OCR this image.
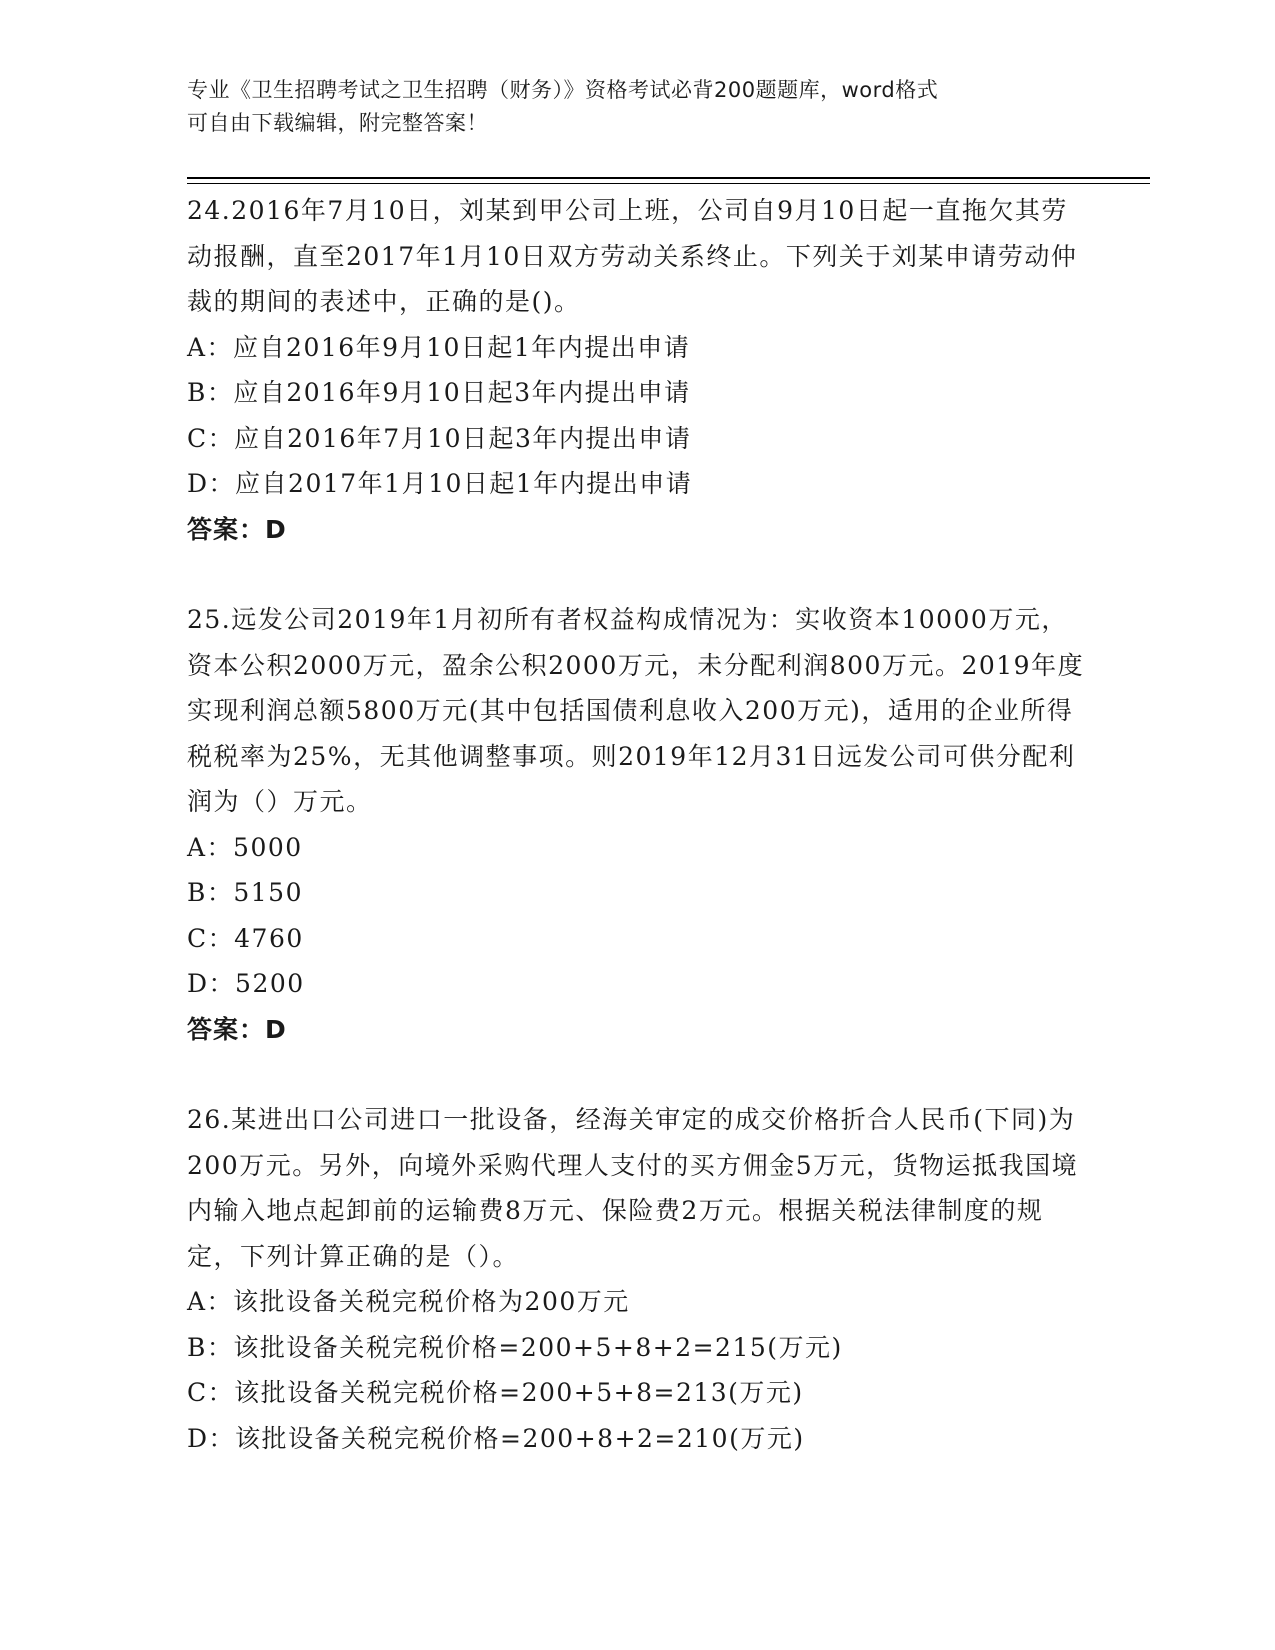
专业《卫生招聘考试之卫生招聘（财务）》资格考试必背200题题库，word格式
可自由下载编辑，附完整答案！
24.2016年7月10日，刘某到甲公司上班，公司自9月10日起一直拖欠其劳动报酬，直至2017年1月10日双方劳动关系终止。下列关于刘某申请劳动仲裁的期间的表述中，正确的是()。
A：应自2016年9月10日起1年内提出申请
B：应自2016年9月10日起3年内提出申请
C：应自2016年7月10日起3年内提出申请
D：应自2017年1月10日起1年内提出申请
答案：D
25.远发公司2019年1月初所有者权益构成情况为：实收资本10000万元，资本公积2000万元，盈余公积2000万元，未分配利润800万元。2019年度实现利润总额5800万元(其中包括国债利息收入200万元)，适用的企业所得税税率为25%，无其他调整事项。则2019年12月31日远发公司可供分配利润为（）万元。
A：5000
B：5150
C：4760
D：5200
答案：D
26.某进出口公司进口一批设备，经海关审定的成交价格折合人民币(下同)为200万元。另外，向境外采购代理人支付的买方佣金5万元，货物运抵我国境内输入地点起卸前的运输费8万元、保险费2万元。根据关税法律制度的规定，下列计算正确的是（）。
A：该批设备关税完税价格为200万元
B：该批设备关税完税价格=200+5+8+2=215(万元)
C：该批设备关税完税价格=200+5+8=213(万元)
D：该批设备关税完税价格=200+8+2=210(万元)
